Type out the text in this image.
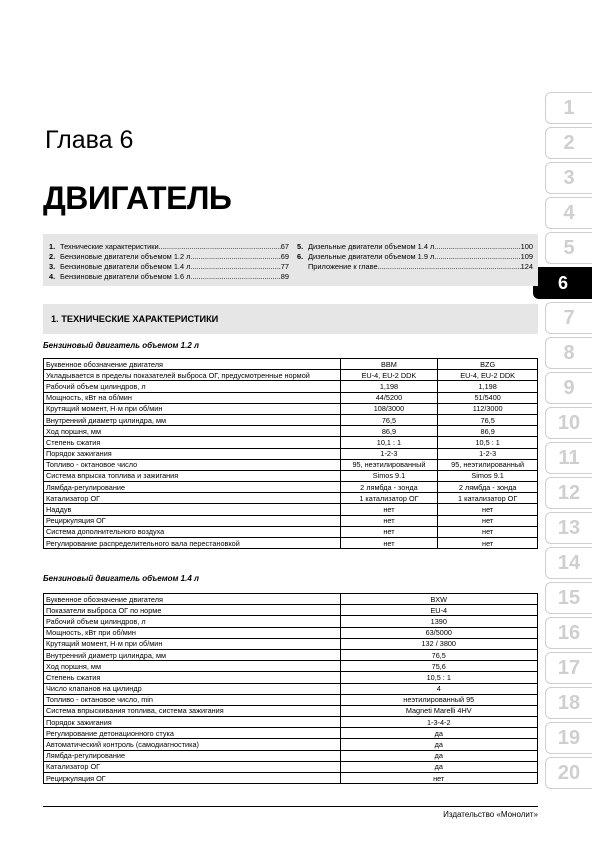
1
2
3
4
5
6
7
8
9
10
11
12
13
14
15
16
17
18
19
20
Глава 6
ДВИГАТЕЛЬ
1. Технические характеристики .....	67
2. Бензиновые двигатели объемом 1.2 л .....	69
3. Бензиновые двигатели объемом 1.4 л .....	77
4. Бензиновые двигатели объемом 1.6 л .....	89
5. Дизельные двигатели объемом 1.4 л .....	100
6. Дизельные двигатели объемом 1.9 л .....	109
Приложение к главе .....	124
1. ТЕХНИЧЕСКИЕ ХАРАКТЕРИСТИКИ
Бензиновый двигатель объемом 1.2 л
Буквенное обозначение двигателя	BBM	BZG
Укладывается в пределы показателей выброса ОГ, предусмотренные нормой	EU-4, EU-2 DDK	EU-4, EU-2 DDK
Рабочий объем цилиндров, л	1,198	1,198
Мощность, кВт на об/мин	44/5200	51/5400
Крутящий момент, Н·м при об/мин	108/3000	112/3000
Внутренний диаметр цилиндра, мм	76,5	76,5
Ход поршня, мм	86,9	86,9
Степень сжатия	10,1 : 1	10,5 : 1
Порядок зажигания	1-2-3	1-2-3
Топливо - октановое число	95, неэтилированный	95, неэтилированный
Система впрыска топлива и зажигания	Simos 9.1	Simos 9.1
Лямбда-регулирование	2 лямбда - зонда	2 лямбда - зонда
Катализатор ОГ	1 катализатор ОГ	1 катализатор ОГ
Наддув	нет	нет
Рециркуляция ОГ	нет	нет
Система дополнительного воздуха	нет	нет
Регулирование распределительного вала перестановкой	нет	нет
Бензиновый двигатель объемом 1.4 л
Буквенное обозначение двигателя	BXW
Показатели выброса ОГ по норме	EU-4
Рабочий объем цилиндров, л	1390
Мощность, кВт при об/мин	63/5000
Крутящий момент, Н·м при об/мин	132 / 3800
Внутренний диаметр цилиндра, мм	76,5
Ход поршня, мм	75,6
Степень сжатия	10,5 : 1
Число клапанов на цилиндр	4
Топливо - октановое число, min	неэтилированный 95
Система впрыскивания топлива, система зажигания	Magneti Marelli 4HV
Порядок зажигания	1-3-4-2
Регулирование детонационного стука	да
Автоматический контроль (самодиагностика)	да
Лямбда-регулирование	да
Катализатор ОГ	да
Рециркуляция ОГ	нет
Издательство «Монолит»
